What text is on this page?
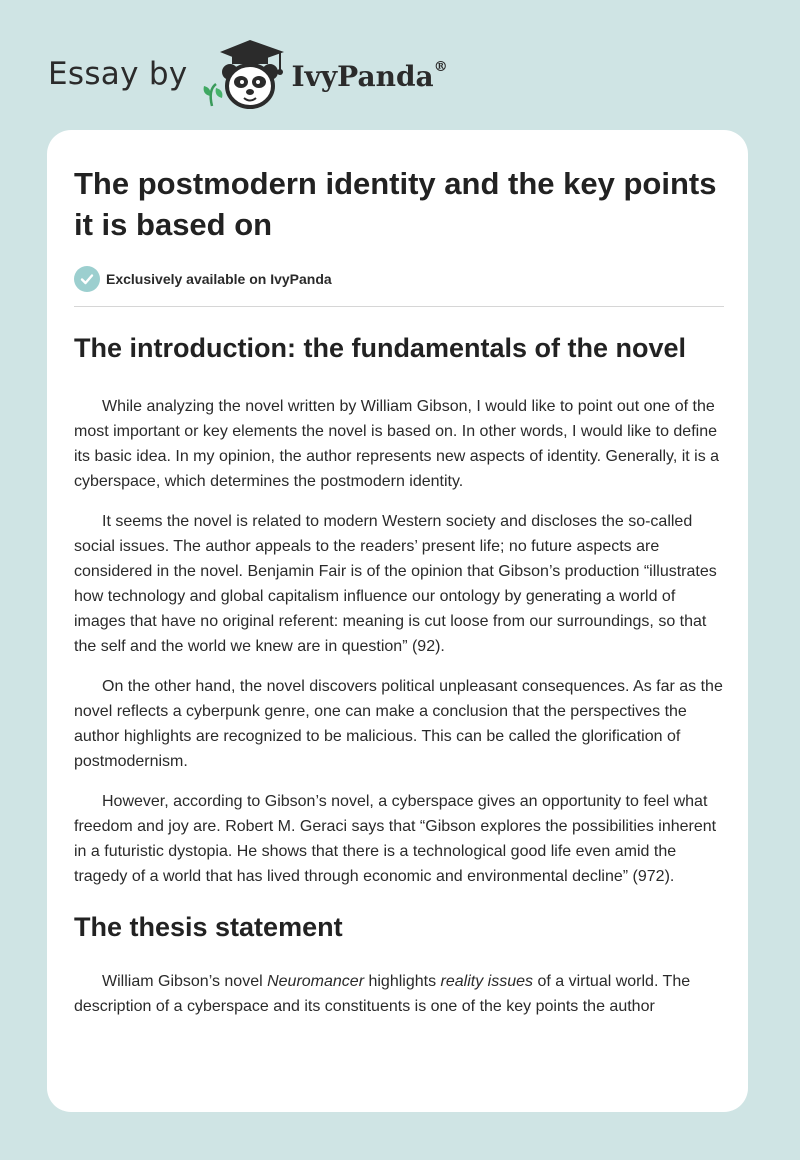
Essay by	IvyPanda®
The postmodern identity and the key points it is based on
Exclusively available on IvyPanda
The introduction: the fundamentals of the novel

While analyzing the novel written by William Gibson, I would like to point out one of the most important or key elements the novel is based on. In other words, I would like to define its basic idea. In my opinion, the author represents new aspects of identity. Generally, it is a cyberspace, which determines the postmodern identity.

It seems the novel is related to modern Western society and discloses the so-called social issues. The author appeals to the readers’ present life; no future aspects are considered in the novel. Benjamin Fair is of the opinion that Gibson’s production “illustrates how technology and global capitalism influence our ontology by generating a world of images that have no original referent: meaning is cut loose from our surroundings, so that the self and the world we knew are in question” (92).

On the other hand, the novel discovers political unpleasant consequences. As far as the novel reflects a cyberpunk genre, one can make a conclusion that the perspectives the author highlights are recognized to be malicious. This can be called the glorification of postmodernism.

However, according to Gibson’s novel, a cyberspace gives an opportunity to feel what freedom and joy are. Robert M. Geraci says that “Gibson explores the possibilities inherent in a futuristic dystopia. He shows that there is a technological good life even amid the tragedy of a world that has lived through economic and environmental decline” (972).

The thesis statement

William Gibson’s novel Neuromancer highlights reality issues of a virtual world. The description of a cyberspace and its constituents is one of the key points the author
